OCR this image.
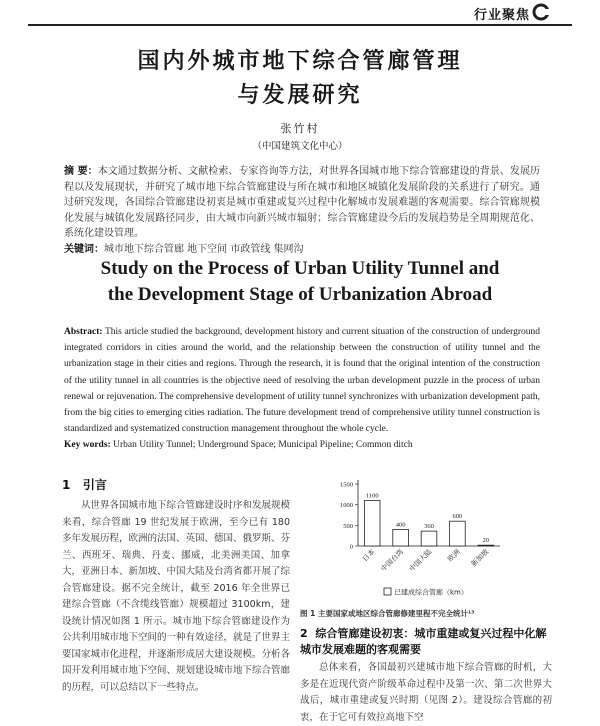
行业聚焦
国内外城市地下综合管廊管理
与发展研究
张竹村
（中国建筑文化中心）
摘 要：本文通过数据分析、文献检索、专家咨询等方法，对世界各国城市地下综合管廊建设的背景、发展历程以及发展现状，并研究了城市地下综合管廊建设与所在城市和地区城镇化发展阶段的关系进行了研究。通过研究发现，各国综合管廊建设初衷是城市重建或复兴过程中化解城市发展难题的客观需要。综合管廊规模化发展与城镇化发展路径同步，由大城市向新兴城市辐射；综合管廊建设今后的发展趋势是全周期规范化、系统化建设管理。
关键词：城市地下综合管廊 地下空间 市政管线 集网沟
Study on the Process of Urban Utility Tunnel and
the Development Stage of Urbanization Abroad
Abstract: This article studied the background, development history and current situation of the construction of underground integrated corridors in cities around the world, and the relationship between the construction of utility tunnel and the urbanization stage in their cities and regions. Through the research, it is found that the original intention of the construction of the utility tunnel in all countries is the objective need of resolving the urban development puzzle in the process of urban renewal or rejuvenation. The comprehensive development of utility tunnel synchronizes with urbanization development path, from the big cities to emerging cities radiation. The future development trend of comprehensive utility tunnel construction is standardized and systematized construction management throughout the whole cycle.
Key words: Urban Utility Tunnel; Underground Space; Municipal Pipeline; Common ditch
1 引言
从世界各国城市地下综合管廊建设时序和发展规模来看，综合管廊 19 世纪发展于欧洲，至今已有 180 多年发展历程，欧洲的法国、英国、德国、俄罗斯、芬兰、西班牙、瑞典、丹麦、挪威，北美洲美国、加拿大，亚洲日本、新加坡、中国大陆及台湾省都开展了综合管廊建设。据不完全统计，截至 2016 年全世界已建综合管廊（不含缆线管廊）规模超过 3100km，建设统计情况如图 1 所示。城市地下综合管廊建设作为公共利用城市地下空间的一种有效途径，就是了世界主要国家城市化进程，并逐渐形成居大建设规模。分析各国开发利用城市地下空间、规划建设城市地下综合管廊的历程，可以总结以下一些特点。
0
500
1000
1500
1100
日本
400
中国台湾
360
中国大陆
600
欧洲
20
新加坡
已建成综合管廊（km）
图 1 主要国家或地区综合管廊修建里程不完全统计¹³
2 综合管廊建设初衷：城市重建或复兴过程中化解城市发展难题的客观需要
总体来看，各国最初兴建城市地下综合管廊的时机，大多是在近现代资产阶级革命过程中及第一次、第二次世界大战后，城市重建或复兴时期（见图 2）。建设综合管廊的初衷，在于它可有效拉高地下空
